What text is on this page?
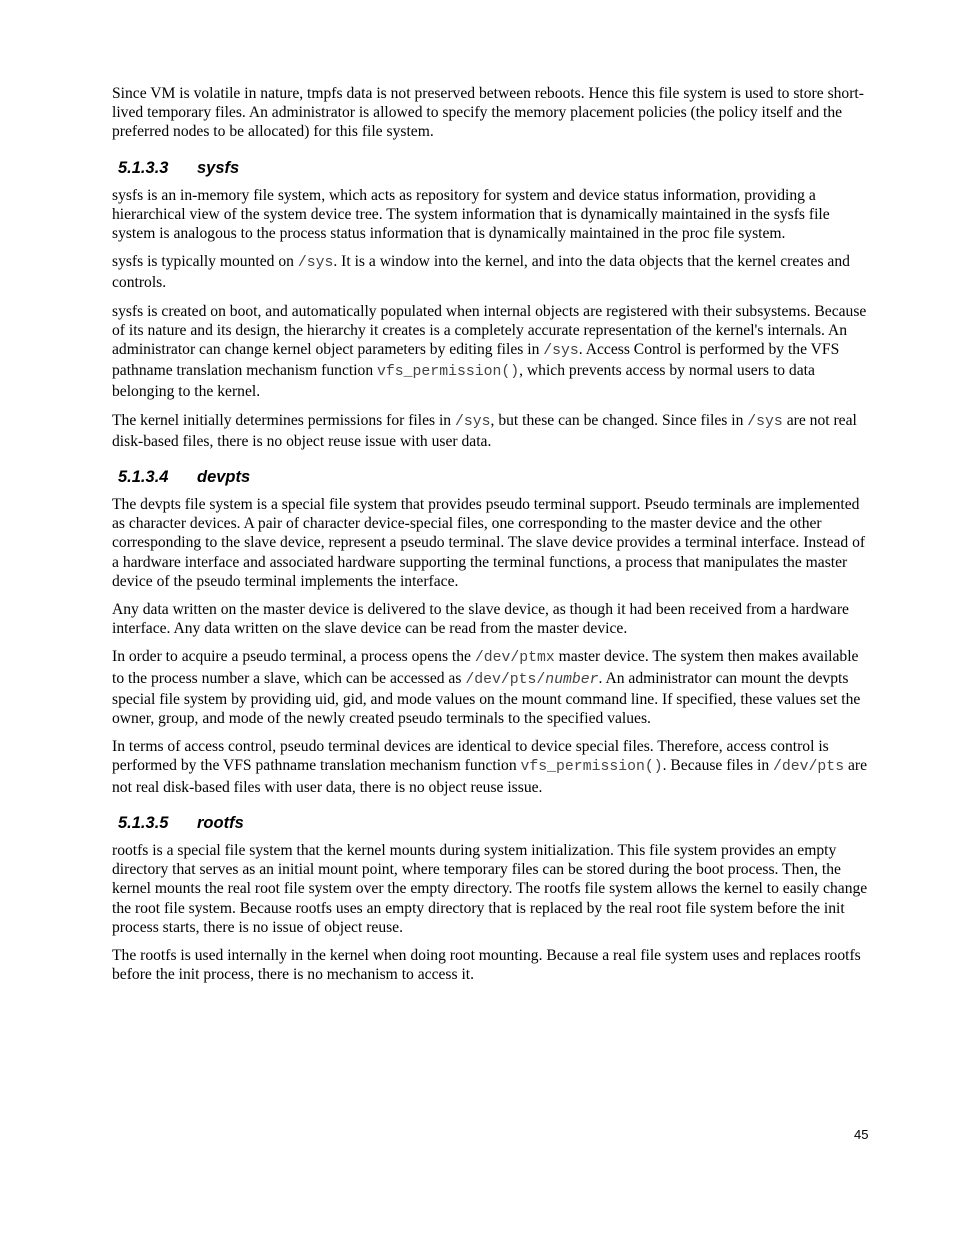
Since VM is volatile in nature, tmpfs data is not preserved between reboots. Hence this file system is used to store short-lived temporary files. An administrator is allowed to specify the memory placement policies (the policy itself and the preferred nodes to be allocated) for this file system.

5.1.3.3 sysfs

sysfs is an in-memory file system, which acts as repository for system and device status information, providing a hierarchical view of the system device tree. The system information that is dynamically maintained in the sysfs file system is analogous to the process status information that is dynamically maintained in the proc file system.

sysfs is typically mounted on /sys. It is a window into the kernel, and into the data objects that the kernel creates and controls.

sysfs is created on boot, and automatically populated when internal objects are registered with their subsystems. Because of its nature and its design, the hierarchy it creates is a completely accurate representation of the kernel's internals. An administrator can change kernel object parameters by editing files in /sys. Access Control is performed by the VFS pathname translation mechanism function vfs_permission(), which prevents access by normal users to data belonging to the kernel.

The kernel initially determines permissions for files in /sys, but these can be changed. Since files in /sys are not real disk-based files, there is no object reuse issue with user data.

5.1.3.4 devpts

The devpts file system is a special file system that provides pseudo terminal support. Pseudo terminals are implemented as character devices. A pair of character device-special files, one corresponding to the master device and the other corresponding to the slave device, represent a pseudo terminal. The slave device provides a terminal interface. Instead of a hardware interface and associated hardware supporting the terminal functions, a process that manipulates the master device of the pseudo terminal implements the interface.

Any data written on the master device is delivered to the slave device, as though it had been received from a hardware interface. Any data written on the slave device can be read from the master device.

In order to acquire a pseudo terminal, a process opens the /dev/ptmx master device. The system then makes available to the process number a slave, which can be accessed as /dev/pts/number. An administrator can mount the devpts special file system by providing uid, gid, and mode values on the mount command line. If specified, these values set the owner, group, and mode of the newly created pseudo terminals to the specified values.

In terms of access control, pseudo terminal devices are identical to device special files. Therefore, access control is performed by the VFS pathname translation mechanism function vfs_permission(). Because files in /dev/pts are not real disk-based files with user data, there is no object reuse issue.

5.1.3.5 rootfs

rootfs is a special file system that the kernel mounts during system initialization. This file system provides an empty directory that serves as an initial mount point, where temporary files can be stored during the boot process. Then, the kernel mounts the real root file system over the empty directory. The rootfs file system allows the kernel to easily change the root file system. Because rootfs uses an empty directory that is replaced by the real root file system before the init process starts, there is no issue of object reuse.

The rootfs is used internally in the kernel when doing root mounting. Because a real file system uses and replaces rootfs before the init process, there is no mechanism to access it.

45
